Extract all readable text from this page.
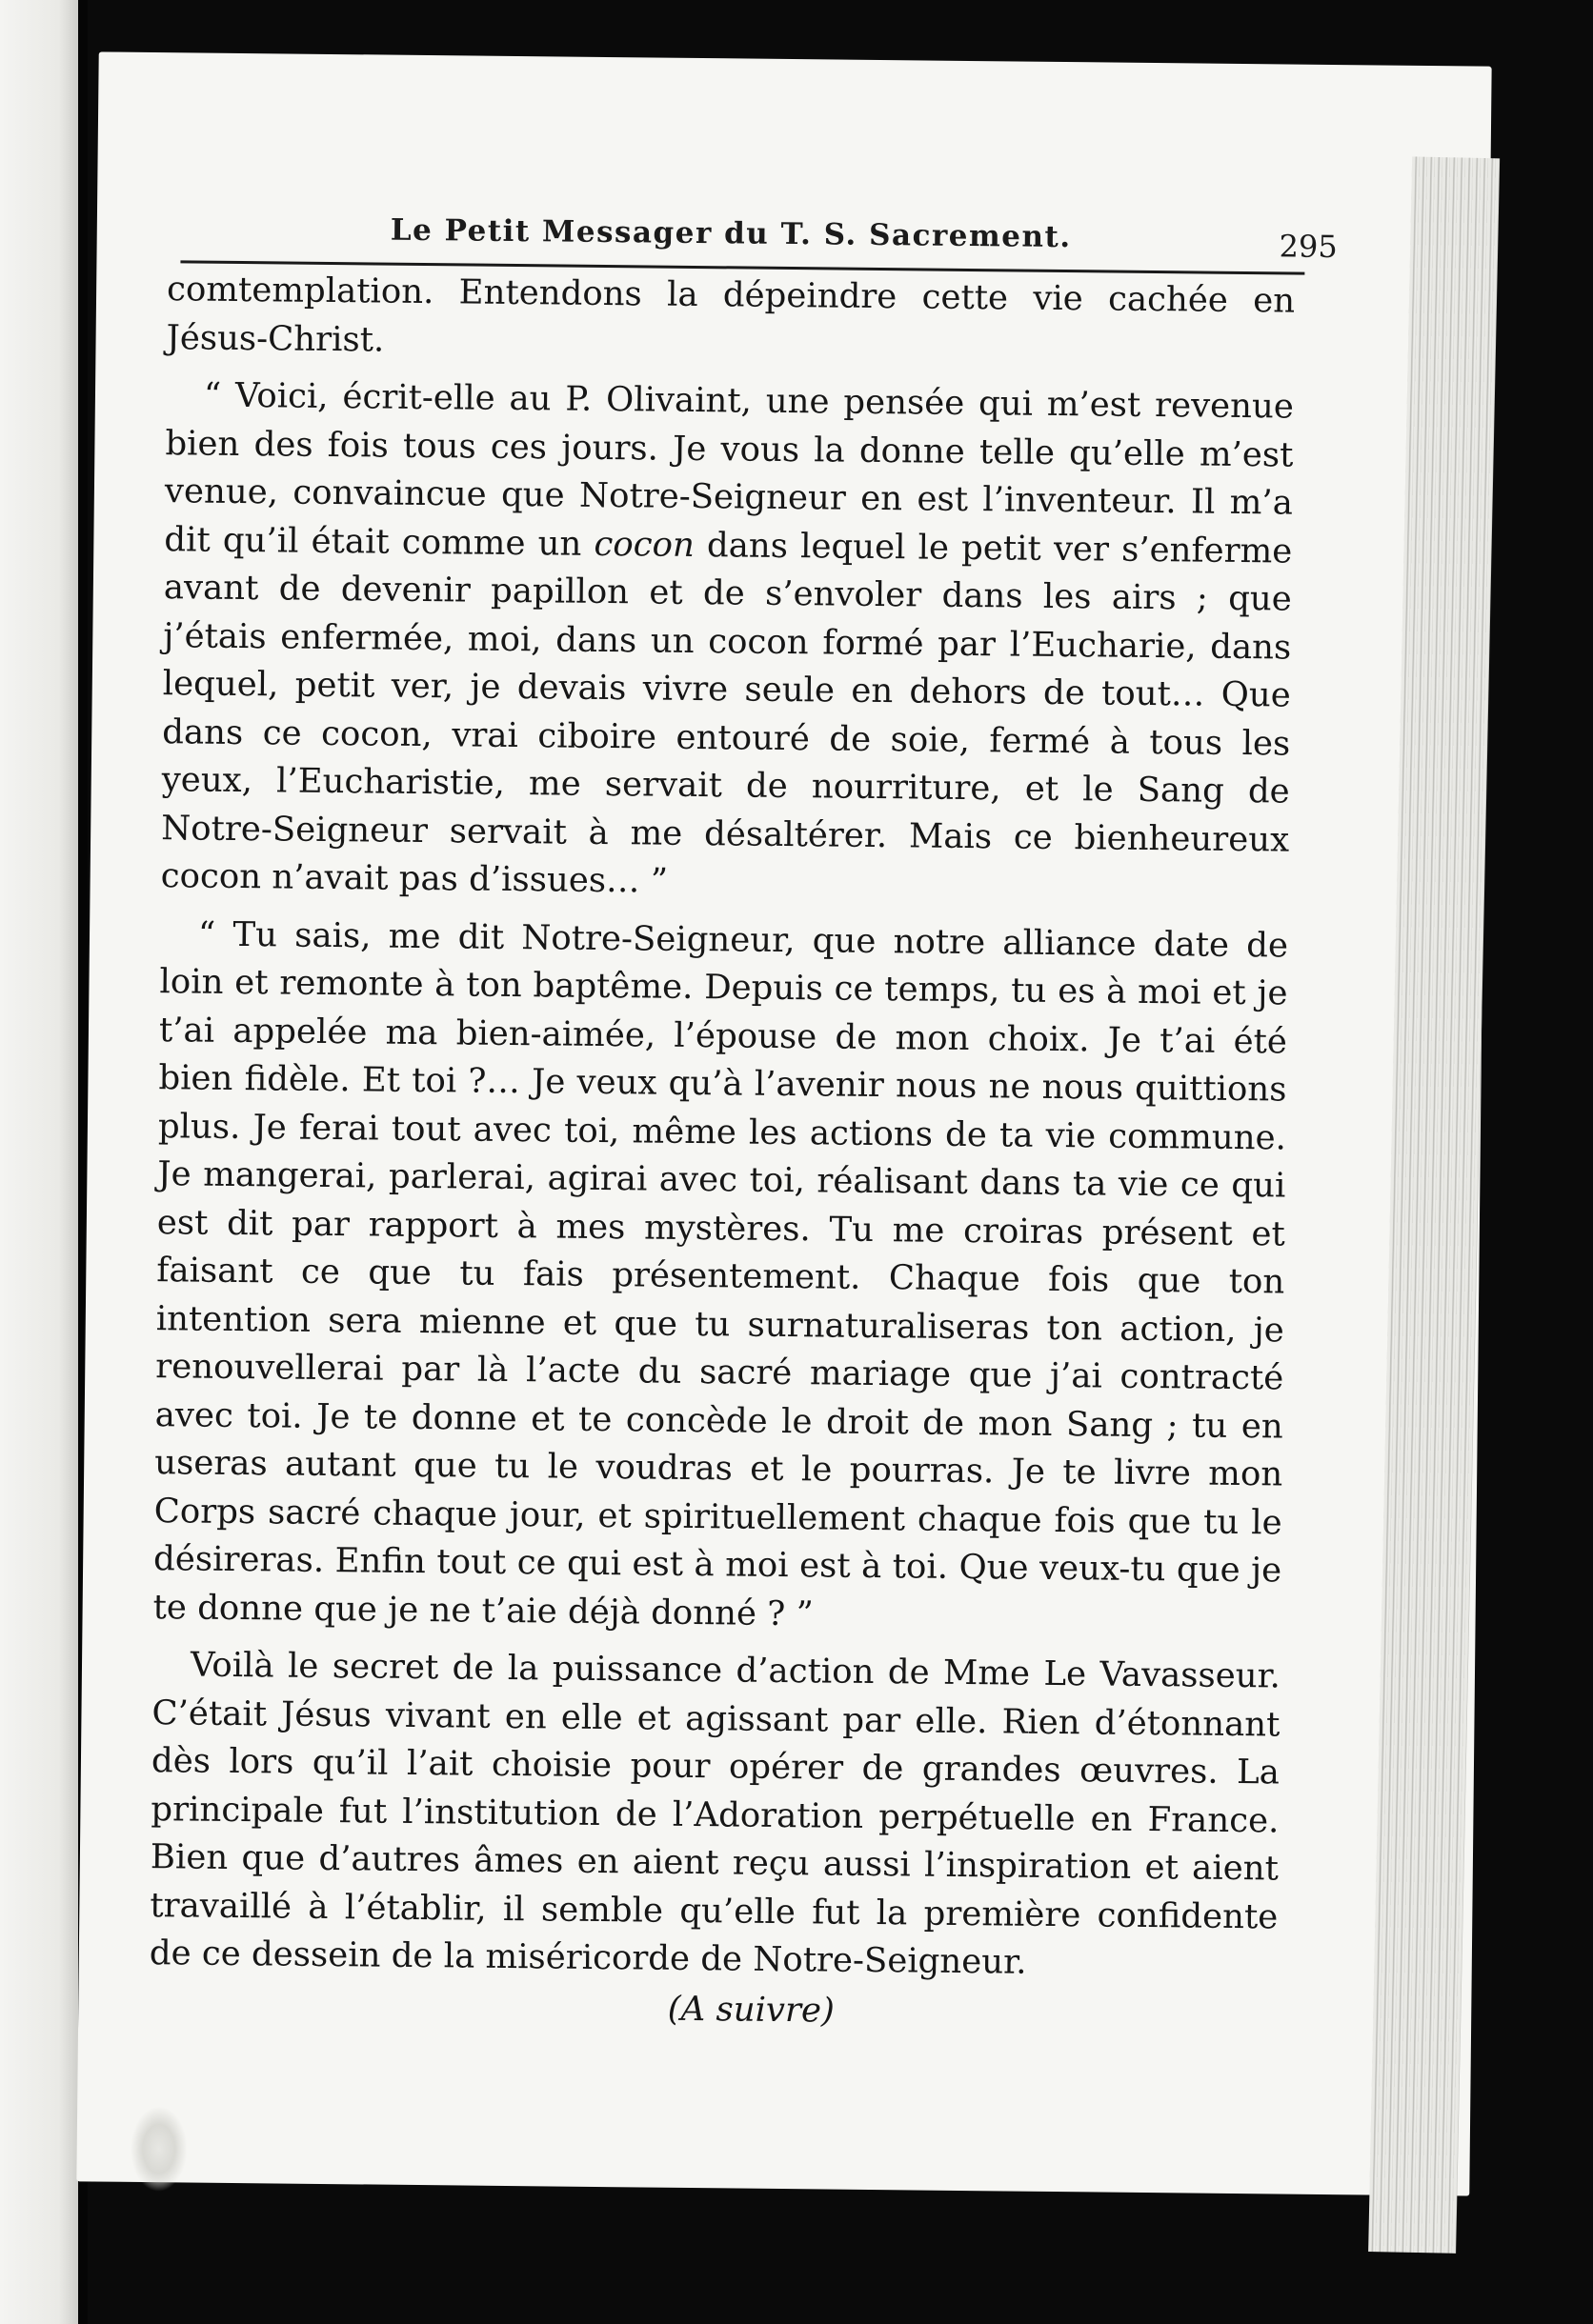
Le Petit Messager du T. S. Sacrement.	295

comtemplation. Entendons la dépeindre cette vie cachée en Jésus-Christ.

“ Voici, écrit-elle au P. Olivaint, une pensée qui m’est revenue bien des fois tous ces jours. Je vous la donne telle qu’elle m’est venue, convaincue que Notre-Seigneur en est l’inventeur. Il m’a dit qu’il était comme un cocon dans lequel le petit ver s’enferme avant de devenir papillon et de s’envoler dans les airs ; que j’étais enfermée, moi, dans un cocon formé par l’Eucharie, dans lequel, petit ver, je devais vivre seule en dehors de tout… Que dans ce cocon, vrai ciboire entouré de soie, fermé à tous les yeux, l’Eucharistie, me servait de nourriture, et le Sang de Notre-Seigneur servait à me désaltérer. Mais ce bienheureux cocon n’avait pas d’issues… ”

“ Tu sais, me dit Notre-Seigneur, que notre alliance date de loin et remonte à ton baptême. Depuis ce temps, tu es à moi et je t’ai appelée ma bien-aimée, l’épouse de mon choix. Je t’ai été bien fidèle. Et toi ?… Je veux qu’à l’avenir nous ne nous quittions plus. Je ferai tout avec toi, même les actions de ta vie commune. Je mangerai, parlerai, agirai avec toi, réalisant dans ta vie ce qui est dit par rapport à mes mystères. Tu me croiras présent et faisant ce que tu fais présentement. Chaque fois que ton intention sera mienne et que tu surnaturaliseras ton action, je renouvellerai par là l’acte du sacré mariage que j’ai contracté avec toi. Je te donne et te concède le droit de mon Sang ; tu en useras autant que tu le voudras et le pourras. Je te livre mon Corps sacré chaque jour, et spirituellement chaque fois que tu le désireras. Enfin tout ce qui est à moi est à toi. Que veux-tu que je te donne que je ne t’aie déjà donné ? ”

Voilà le secret de la puissance d’action de Mme Le Vavasseur. C’était Jésus vivant en elle et agissant par elle. Rien d’étonnant dès lors qu’il l’ait choisie pour opérer de grandes œuvres. La principale fut l’institution de l’Adoration perpétuelle en France. Bien que d’autres âmes en aient reçu aussi l’inspiration et aient travaillé à l’établir, il semble qu’elle fut la première confidente de ce dessein de la miséricorde de Notre-Seigneur.

(A suivre)
